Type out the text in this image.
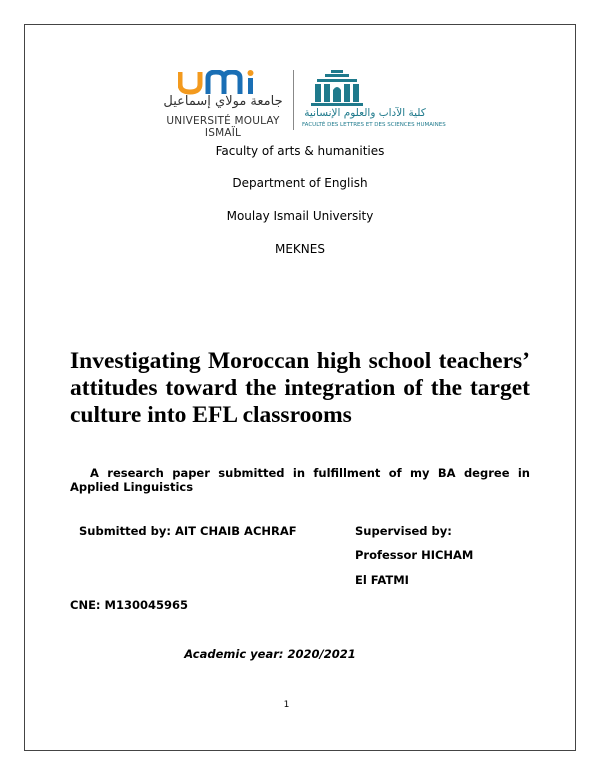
جامعة مولاي إسماعيل
UNIVERSITÉ MOULAY ISMAÏL
كلية الآداب والعلوم الإنسانية
FACULTÉ DES LETTRES ET DES SCIENCES HUMAINES
Faculty of arts & humanities
Department of English
Moulay Ismail University
MEKNES
Investigating Moroccan high school teachers’ attitudes toward the integration of the target culture into EFL classrooms
A research paper submitted in fulfillment of my BA degree in Applied Linguistics
Submitted by: AIT CHAIB ACHRAF	Supervised by:
Professor HICHAM
El FATMI
CNE: M130045965
Academic year: 2020/2021
1
